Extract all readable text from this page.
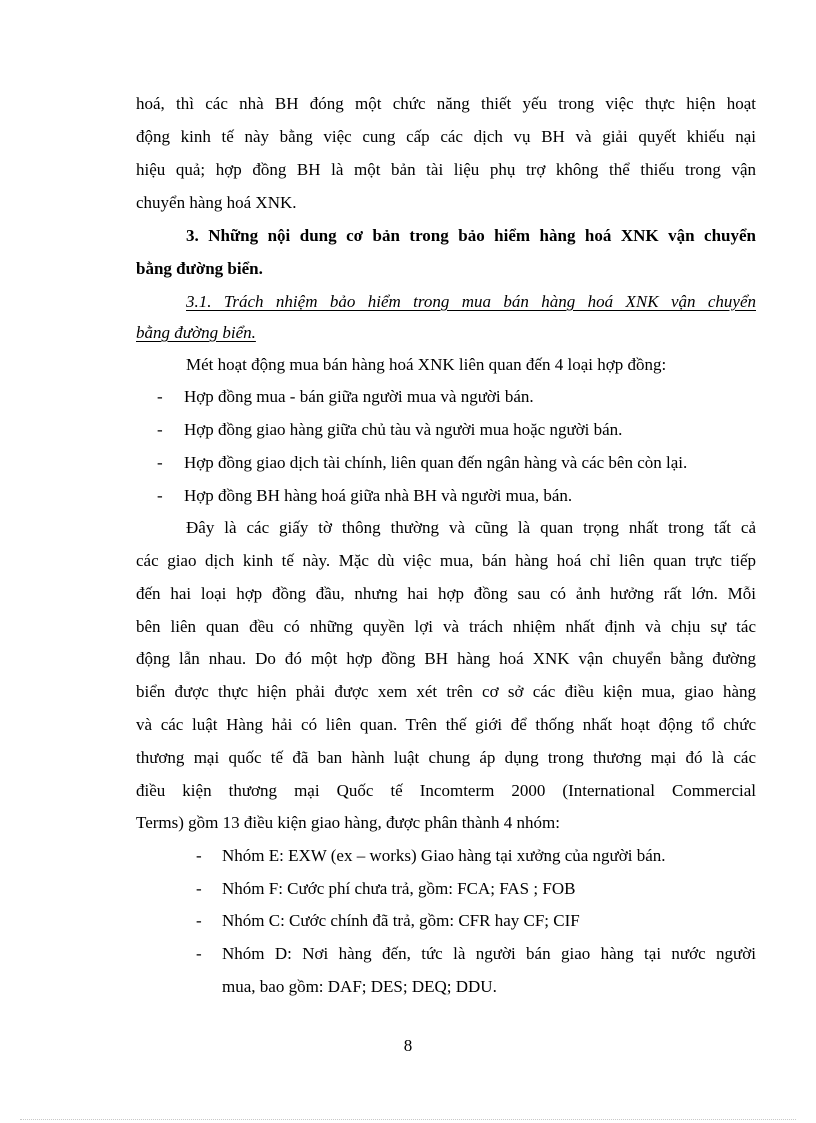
hoá, thì các nhà BH đóng một chức năng thiết yếu trong việc thực hiện hoạt

động kinh tế này bằng việc cung cấp các dịch vụ BH và giải quyết khiếu nại

hiệu quả; hợp đồng BH là một bản tài liệu phụ trợ không thể thiếu trong vận

chuyển hàng hoá XNK.

3. Những nội dung cơ bản trong bảo hiểm hàng hoá XNK vận chuyển

bằng đường biển.

3.1. Trách nhiệm bảo hiểm trong mua bán hàng hoá XNK vận chuyển

bằng đường biển.

Mét hoạt động mua bán hàng hoá XNK liên quan đến 4 loại hợp đồng:

- Hợp đồng mua - bán giữa người mua và người bán.

- Hợp đồng giao hàng giữa chủ tàu và người mua hoặc người bán.

- Hợp đồng giao dịch tài chính, liên quan đến ngân hàng và các bên còn lại.

- Hợp đồng BH hàng hoá giữa nhà BH và người mua, bán.

Đây là các giấy tờ thông thường và cũng là quan trọng nhất trong tất cả

các giao dịch kinh tế này. Mặc dù việc mua, bán hàng hoá chỉ liên quan trực tiếp

đến hai loại hợp đồng đầu, nhưng hai hợp đồng sau có ảnh hưởng rất lớn. Mỗi

bên liên quan đều có những quyền lợi và trách nhiệm nhất định và chịu sự tác

động lẫn nhau. Do đó một hợp đồng BH hàng hoá XNK vận chuyển bằng đường

biển được thực hiện phải được xem xét trên cơ sở các điều kiện mua, giao hàng

và các luật Hàng hải có liên quan. Trên thế giới để thống nhất hoạt động tổ chức

thương mại quốc tế đã ban hành luật chung áp dụng trong thương mại đó là các

điều kiện thương mại Quốc tế Incomterm 2000 (International Commercial

Terms) gồm 13 điều kiện giao hàng, được phân thành 4 nhóm:

- Nhóm E: EXW (ex – works) Giao hàng tại xưởng của người bán.

- Nhóm F: Cước phí chưa trả, gồm: FCA; FAS ; FOB

- Nhóm C: Cước chính đã trả, gồm: CFR hay CF; CIF

- Nhóm D: Nơi hàng đến, tức là người bán giao hàng tại nước người

mua, bao gồm: DAF; DES; DEQ; DDU.

8
